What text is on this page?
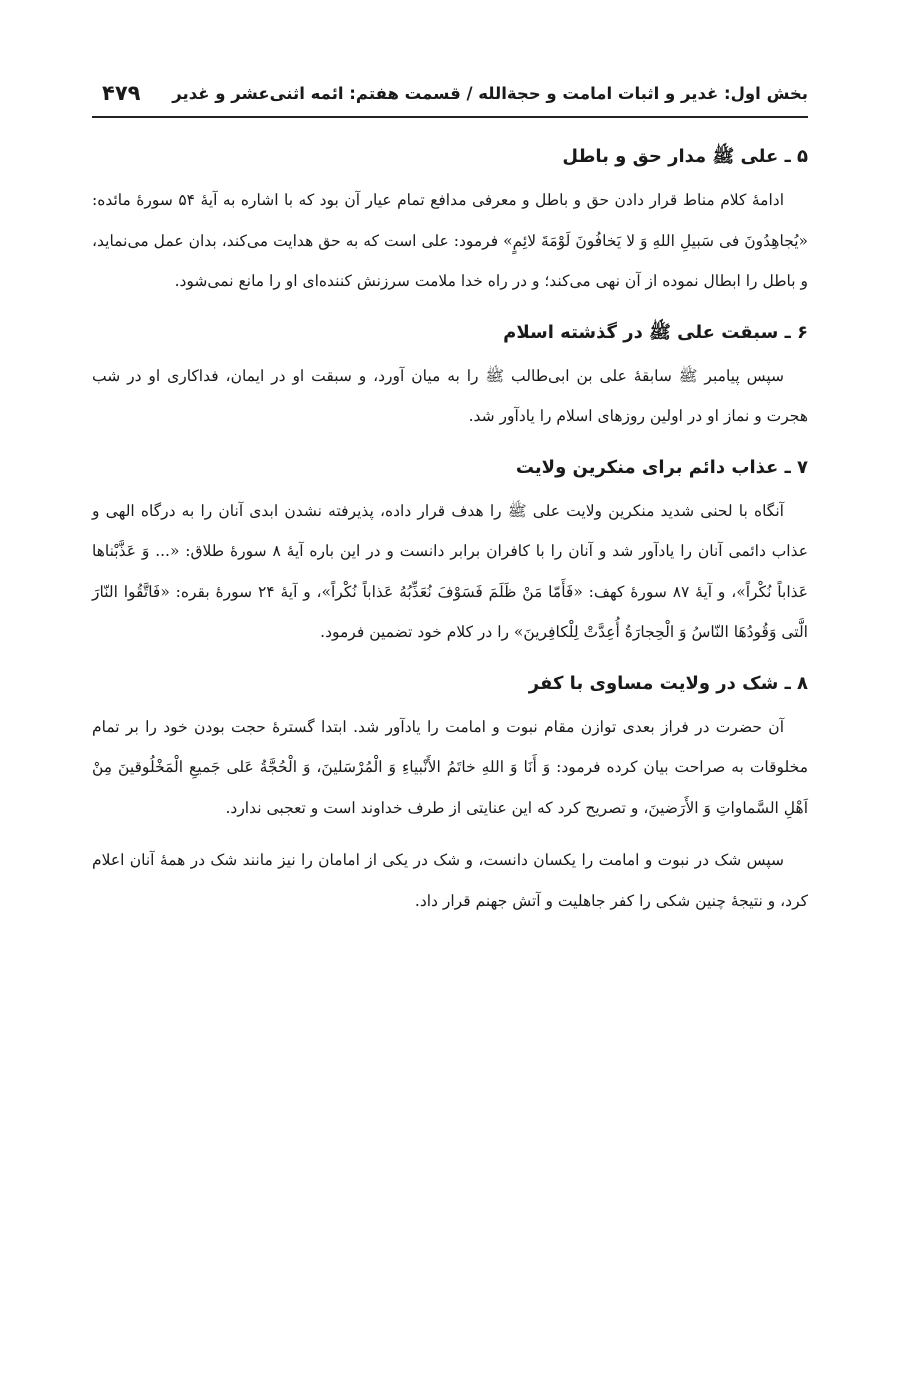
بخش اول: غدیر و اثبات امامت و حجةالله / قسمت هفتم: ائمه اثنی‌عشر و غدیر
۴۷۹
۵ ـ علی ﷺ مدار حق و باطل

ادامهٔ کلام مناط قرار دادن حق و باطل و معرفی مدافع تمام عیار آن بود که با اشاره به آیهٔ ۵۴ سورهٔ مائده: «یُجاهِدُونَ فی سَبیلِ اللهِ وَ لا یَخافُونَ لَوْمَةَ لائِمٍ» فرمود: علی است که به حق هدایت می‌کند، بدان عمل می‌نماید، و باطل را ابطال نموده از آن نهی می‌کند؛ و در راه خدا ملامت سرزنش کننده‌ای او را مانع نمی‌شود.

۶ ـ سبقت علی ﷺ در گذشته اسلام

سپس پیامبر ﷺ سابقهٔ علی بن ابی‌طالب ﷺ را به میان آورد، و سبقت او در ایمان، فداکاری او در شب هجرت و نماز او در اولین روزهای اسلام را یادآور شد.

۷ ـ عذاب دائم برای منکرین ولایت

آنگاه با لحنی شدید منکرین ولایت علی ﷺ را هدف قرار داده، پذیرفته نشدن ابدی آنان را به درگاه الهی و عذاب دائمی آنان را یادآور شد و آنان را با کافران برابر دانست و در این باره آیهٔ ۸ سورهٔ طلاق: «... وَ عَذَّبْناها عَذاباً نُکْراً»، و آیهٔ ۸۷ سورهٔ کهف: «فَأَمّا مَنْ ظَلَمَ فَسَوْفَ نُعَذِّبُهُ عَذاباً نُکْراً»، و آیهٔ ۲۴ سورهٔ بقره: «فَاتَّقُوا النّارَ الَّتی وَقُودُهَا النّاسُ وَ الْحِجارَةُ أُعِدَّتْ لِلْکافِرینَ» را در کلام خود تضمین فرمود.

۸ ـ شک در ولایت مساوی با کفر

آن حضرت در فراز بعدی توازن مقام نبوت و امامت را یادآور شد. ابتدا گسترهٔ حجت بودن خود را بر تمام مخلوقات به صراحت بیان کرده فرمود: وَ أَنَا وَ اللهِ خاتَمُ الأَنْبیاءِ وَ الْمُرْسَلینَ، وَ الْحُجَّةُ عَلی جَمیعِ الْمَخْلُوقینَ مِنْ اَهْلِ السَّماواتِ وَ الأَرَضینَ، و تصریح کرد که این عنایتی از طرف خداوند است و تعجبی ندارد.

سپس شک در نبوت و امامت را یکسان دانست، و شک در یکی از امامان را نیز مانند شک در همهٔ آنان اعلام کرد، و نتیجهٔ چنین شکی را کفر جاهلیت و آتش جهنم قرار داد.
